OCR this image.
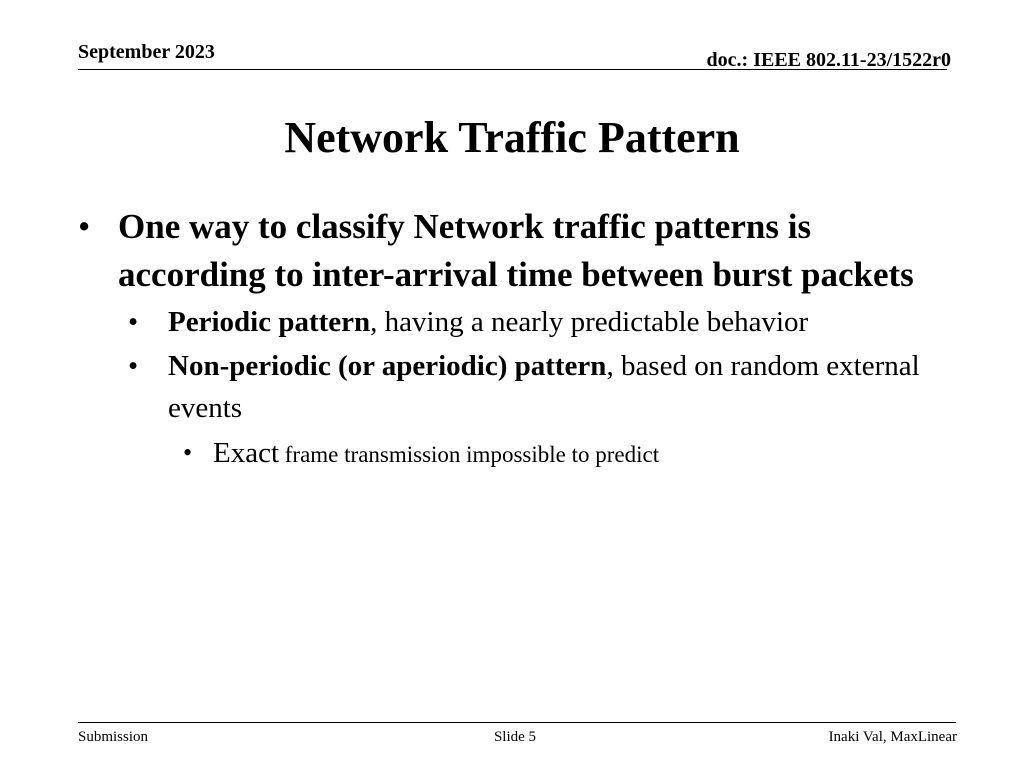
September 2023	doc.: IEEE 802.11-23/1522r0
Network Traffic Pattern
• One way to classify Network traffic patterns is according to inter-arrival time between burst packets
• Periodic pattern, having a nearly predictable behavior
• Non-periodic (or aperiodic) pattern, based on random external events
• Exact frame transmission impossible to predict
Submission	Slide 5	Inaki Val, MaxLinear
